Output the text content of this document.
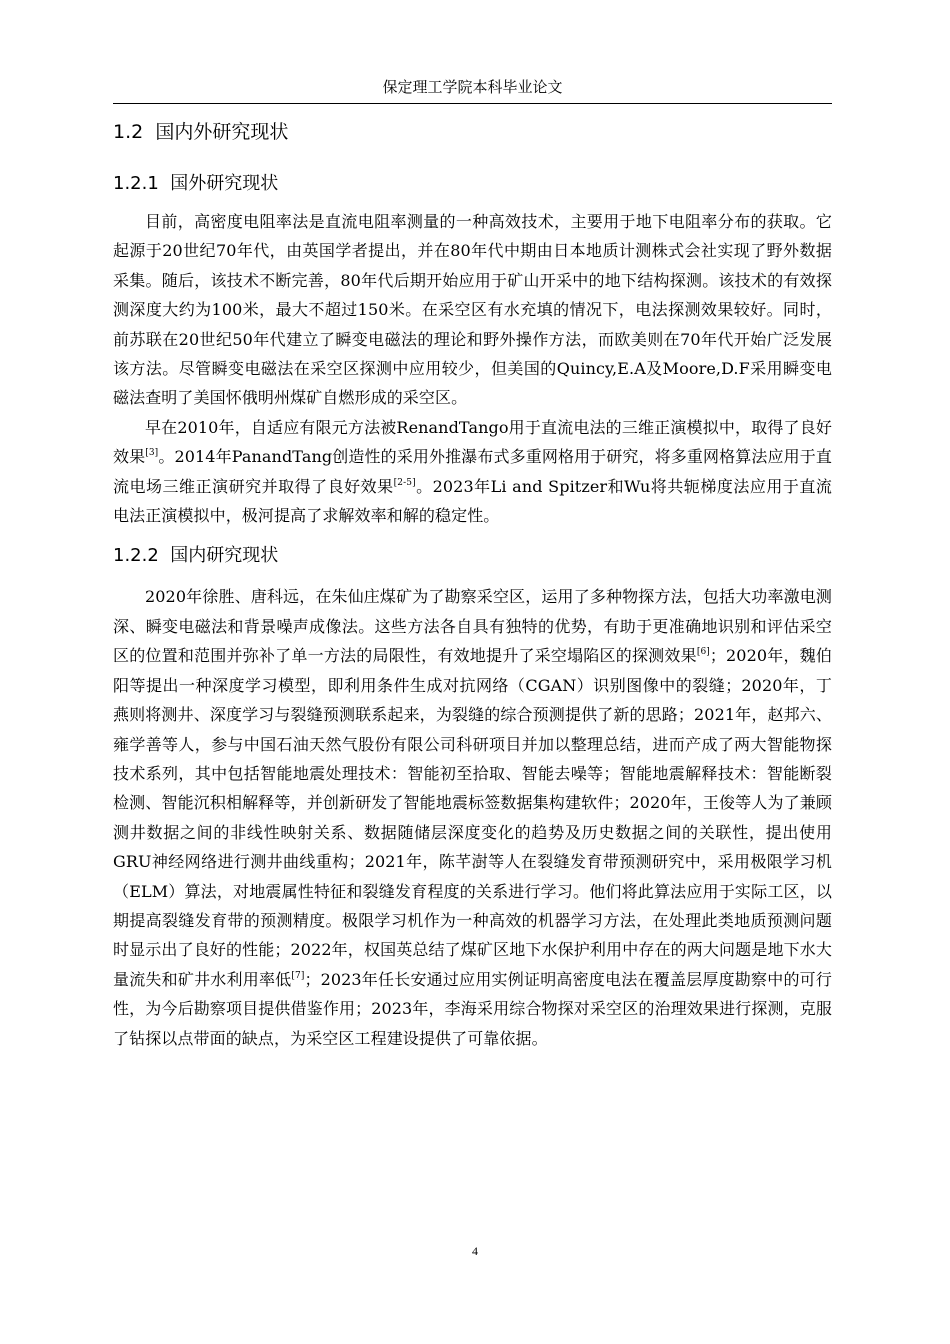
保定理工学院本科毕业论文
1.2 国内外研究现状
1.2.1 国外研究现状

目前，高密度电阻率法是直流电阻率测量的一种高效技术，主要用于地下电阻率分布的获取。它起源于20世纪70年代，由英国学者提出，并在80年代中期由日本地质计测株式会社实现了野外数据采集。随后，该技术不断完善，80年代后期开始应用于矿山开采中的地下结构探测。该技术的有效探测深度大约为100米，最大不超过150米。在采空区有水充填的情况下，电法探测效果较好。同时，前苏联在20世纪50年代建立了瞬变电磁法的理论和野外操作方法，而欧美则在70年代开始广泛发展该方法。尽管瞬变电磁法在采空区探测中应用较少，但美国的Quincy,E.A及Moore,D.F采用瞬变电磁法查明了美国怀俄明州煤矿自燃形成的采空区。

早在2010年，自适应有限元方法被RenandTango用于直流电法的三维正演模拟中，取得了良好效果[3]。2014年PanandTang创造性的采用外推瀑布式多重网格用于研究，将多重网格算法应用于直流电场三维正演研究并取得了良好效果[2-5]。2023年Li and Spitzer和Wu将共轭梯度法应用于直流电法正演模拟中，极河提高了求解效率和解的稳定性。

1.2.2 国内研究现状

2020年徐胜、唐科远，在朱仙庄煤矿为了勘察采空区，运用了多种物探方法，包括大功率激电测深、瞬变电磁法和背景噪声成像法。这些方法各自具有独特的优势，有助于更准确地识别和评估采空区的位置和范围并弥补了单一方法的局限性，有效地提升了采空塌陷区的探测效果[6]；2020年，魏伯阳等提出一种深度学习模型，即利用条件生成对抗网络（CGAN）识别图像中的裂缝；2020年，丁燕则将测井、深度学习与裂缝预测联系起来，为裂缝的综合预测提供了新的思路；2021年，赵邦六、雍学善等人，参与中国石油天然气股份有限公司科研项目并加以整理总结，进而产成了两大智能物探技术系列，其中包括智能地震处理技术：智能初至拾取、智能去噪等；智能地震解释技术：智能断裂检测、智能沉积相解释等，并创新研发了智能地震标签数据集构建软件；2020年，王俊等人为了兼顾测井数据之间的非线性映射关系、数据随储层深度变化的趋势及历史数据之间的关联性，提出使用GRU神经网络进行测井曲线重构；2021年，陈芊澍等人在裂缝发育带预测研究中，采用极限学习机（ELM）算法，对地震属性特征和裂缝发育程度的关系进行学习。他们将此算法应用于实际工区，以期提高裂缝发育带的预测精度。极限学习机作为一种高效的机器学习方法，在处理此类地质预测问题时显示出了良好的性能；2022年，权国英总结了煤矿区地下水保护利用中存在的两大问题是地下水大量流失和矿井水利用率低[7]；2023年任长安通过应用实例证明高密度电法在覆盖层厚度勘察中的可行性，为今后勘察项目提供借鉴作用；2023年，李海采用综合物探对采空区的治理效果进行探测，克服了钻探以点带面的缺点，为采空区工程建设提供了可靠依据。

4
